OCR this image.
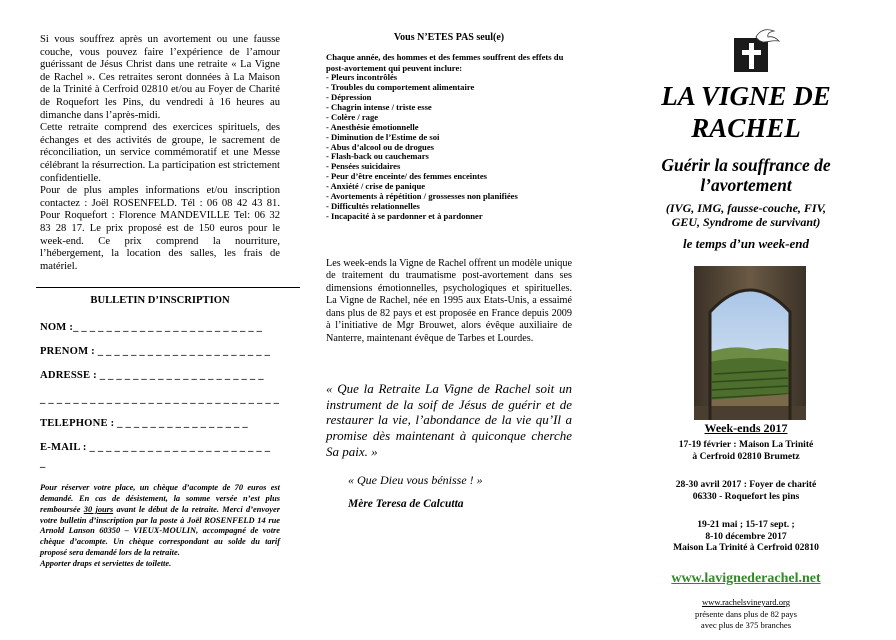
Si vous souffrez après un avortement ou une fausse couche, vous pouvez faire l’expérience de l’amour guérissant de Jésus Christ dans une retraite « La Vigne de Rachel ». Ces retraites seront données à La Maison de la Trinité à Cerfroid 02810 et/ou au Foyer de Charité de Roquefort les Pins, du vendredi à 16 heures au dimanche dans l’après-midi.

Cette retraite comprend des exercices spirituels, des échanges et des activités de groupe, le sacrement de réconciliation, un service commémoratif et une Messe célébrant la résurrection. La participation est strictement confidentielle.

Pour de plus amples informations et/ou inscription contactez : Joël ROSENFELD. Tél : 06 08 42 43 81. Pour Roquefort : Florence MANDEVILLE Tel: 06 32 83 28 17. Le prix proposé est de 150 euros pour le week-end. Ce prix comprend la nourriture, l’hébergement, la location des salles, les frais de matériel.

BULLETIN D’INSCRIPTION
NOM :_ _ _ _ _ _ _ _ _ _ _ _ _ _ _ _ _ _ _ _ _ _ _
PRENOM : _ _ _ _ _ _ _ _ _ _ _ _ _ _ _ _ _ _ _ _ _
ADRESSE : _ _ _ _ _ _ _ _ _ _ _ _ _ _ _ _ _ _ _ _
_ _ _ _ _ _ _ _ _ _ _ _ _ _ _ _ _ _ _ _ _ _ _ _ _ _ _ _ _
TELEPHONE : _ _ _ _ _ _ _ _ _ _ _ _ _ _ _ _
E-MAIL : _ _ _ _ _ _ _ _ _ _ _ _ _ _ _ _ _ _ _ _ _ _
_

Pour réserver votre place, un chèque d’acompte de 70 euros est demandé. En cas de désistement, la somme versée n’est plus remboursée 30 jours avant le début de la retraite. Merci d’envoyer votre bulletin d’inscription par la poste à Joël ROSENFELD 14 rue Arnold Lanson 60350 – VIEUX-MOULIN, accompagné de votre chèque d’acompte. Un chèque correspondant au solde du tarif proposé sera demandé lors de la retraite.

Apporter draps et serviettes de toilette.

Vous N’ETES PAS seul(e)

Chaque année, des hommes et des femmes souffrent des effets du post-avortement qui peuvent inclure:

- Pleurs incontrôlés
- Troubles du comportement alimentaire
- Dépression
- Chagrin intense / triste esse
- Colère / rage
- Anesthésie émotionnelle
- Diminution de l’Estime de soi
- Abus d’alcool ou de drogues
- Flash-back ou cauchemars
- Pensées suicidaires
- Peur d’être enceinte/ des femmes enceintes
- Anxiété / crise de panique
- Avortements à répétition / grossesses non planifiées
- Difficultés relationnelles
- Incapacité à se pardonner et à pardonner
Les week-ends la Vigne de Rachel offrent un modèle unique de traitement du traumatisme post-avortement dans ses dimensions émotionnelles, psychologiques et spirituelles. La Vigne de Rachel, née en 1995 aux Etats-Unis, a essaimé dans plus de 82 pays et est proposée en France depuis 2009 à l’initiative de Mgr Brouwet, alors évêque auxiliaire de Nanterre, maintenant évêque de Tarbes et Lourdes.
« Que la Retraite La Vigne de Rachel soit un instrument de la soif de Jésus de guérir et de restaurer la vie, l’abondance de la vie qu’Il a promise dès maintenant à quiconque cherche Sa paix. »
« Que Dieu vous bénisse ! »
Mère Teresa de Calcutta
LA VIGNE DE
RACHEL
Guérir la souffrance de
l’avortement
(IVG, IMG, fausse-couche, FIV,
GEU, Syndrome de survivant)
le temps d’un week-end
Week-ends 2017
17-19 février : Maison La Trinité
à Cerfroid 02810 Brumetz
28-30 avril 2017 : Foyer de charité
06330 - Roquefort les pins
19-21 mai ; 15-17 sept. ;
8-10 décembre 2017
Maison La Trinité à Cerfroid 02810
www.lavignederachel.net
www.rachelsvineyard.org
présente dans plus de 82 pays
avec plus de 375 branches
